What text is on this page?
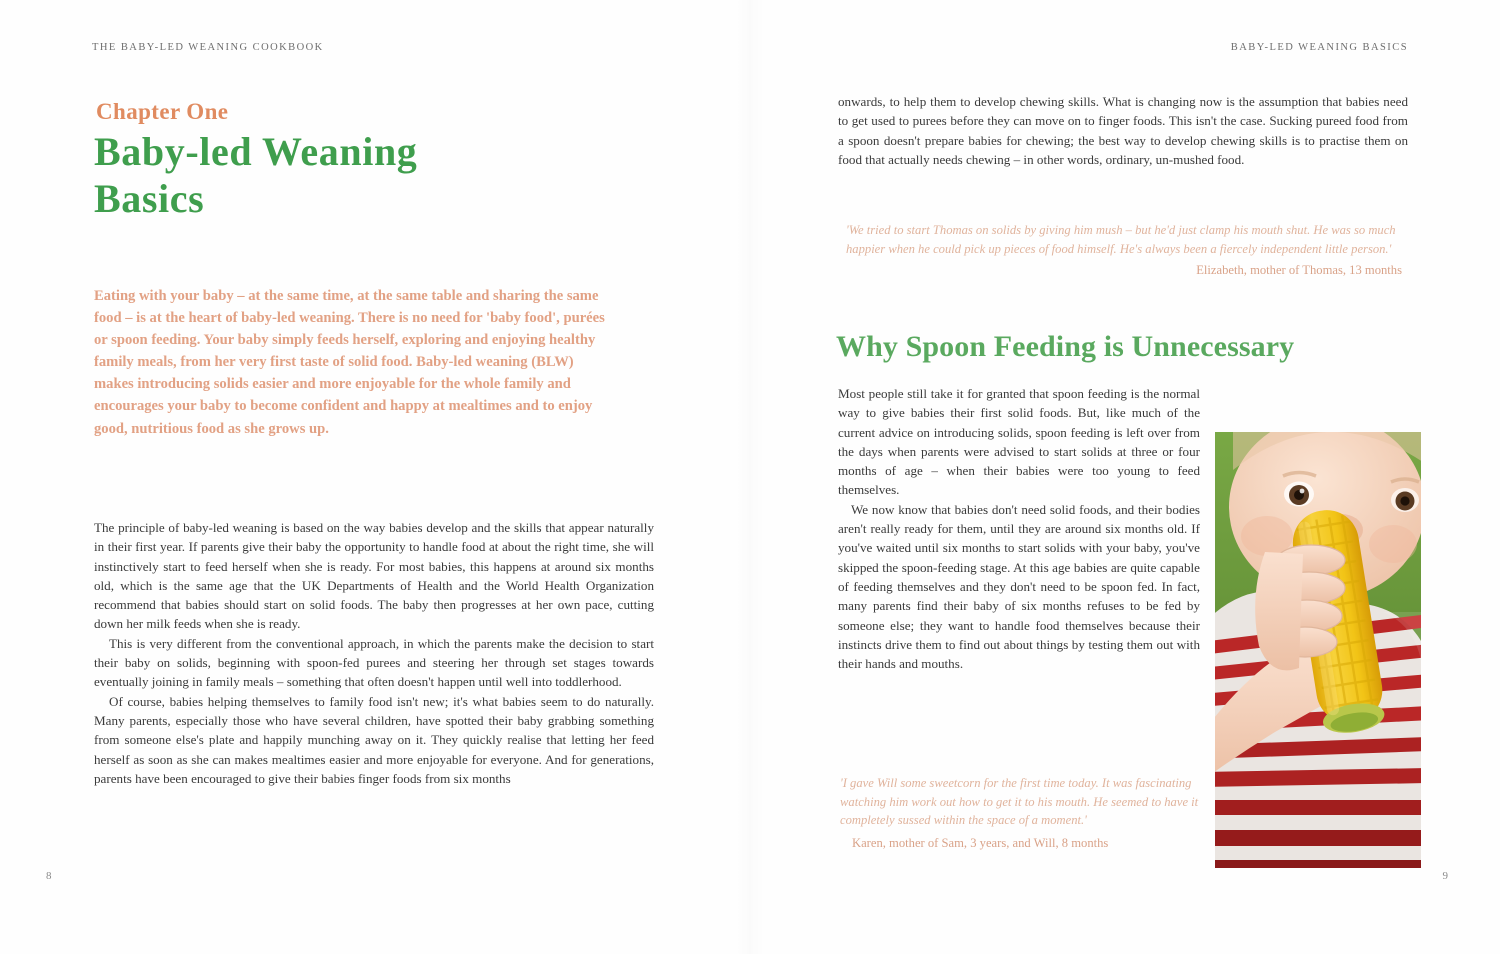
THE BABY-LED WEANING COOKBOOK
Chapter One
Baby-led Weaning
Basics
Eating with your baby – at the same time, at the same table and sharing the same food – is at the heart of baby-led weaning. There is no need for 'baby food', purées or spoon feeding. Your baby simply feeds herself, exploring and enjoying healthy family meals, from her very first taste of solid food. Baby-led weaning (BLW) makes introducing solids easier and more enjoyable for the whole family and encourages your baby to become confident and happy at mealtimes and to enjoy good, nutritious food as she grows up.

The principle of baby-led weaning is based on the way babies develop and the skills that appear naturally in their first year. If parents give their baby the opportunity to handle food at about the right time, she will instinctively start to feed herself when she is ready. For most babies, this happens at around six months old, which is the same age that the UK Departments of Health and the World Health Organization recommend that babies should start on solid foods. The baby then progresses at her own pace, cutting down her milk feeds when she is ready.

This is very different from the conventional approach, in which the parents make the decision to start their baby on solids, beginning with spoon-fed purees and steering her through set stages towards eventually joining in family meals – something that often doesn't happen until well into toddlerhood.

Of course, babies helping themselves to family food isn't new; it's what babies seem to do naturally. Many parents, especially those who have several children, have spotted their baby grabbing something from someone else's plate and happily munching away on it. They quickly realise that letting her feed herself as soon as she can makes mealtimes easier and more enjoyable for everyone. And for generations, parents have been encouraged to give their babies finger foods from six months

8
BABY-LED WEANING BASICS

onwards, to help them to develop chewing skills. What is changing now is the assumption that babies need to get used to purees before they can move on to finger foods. This isn't the case. Sucking pureed food from a spoon doesn't prepare babies for chewing; the best way to develop chewing skills is to practise them on food that actually needs chewing – in other words, ordinary, un-mushed food.

'We tried to start Thomas on solids by giving him mush – but he'd just clamp his mouth shut. He was so much happier when he could pick up pieces of food himself. He's always been a fiercely independent little person.'
Elizabeth, mother of Thomas, 13 months
Why Spoon Feeding is Unnecessary

Most people still take it for granted that spoon feeding is the normal way to give babies their first solid foods. But, like much of the current advice on introducing solids, spoon feeding is left over from the days when parents were advised to start solids at three or four months of age – when their babies were too young to feed themselves.

We now know that babies don't need solid foods, and their bodies aren't really ready for them, until they are around six months old. If you've waited until six months to start solids with your baby, you've skipped the spoon-feeding stage. At this age babies are quite capable of feeding themselves and they don't need to be spoon fed. In fact, many parents find their baby of six months refuses to be fed by someone else; they want to handle food themselves because their instincts drive them to find out about things by testing them out with their hands and mouths.

'I gave Will some sweetcorn for the first time today. It was fascinating watching him work out how to get it to his mouth. He seemed to have it completely sussed within the space of a moment.'
Karen, mother of Sam, 3 years, and Will, 8 months
9
